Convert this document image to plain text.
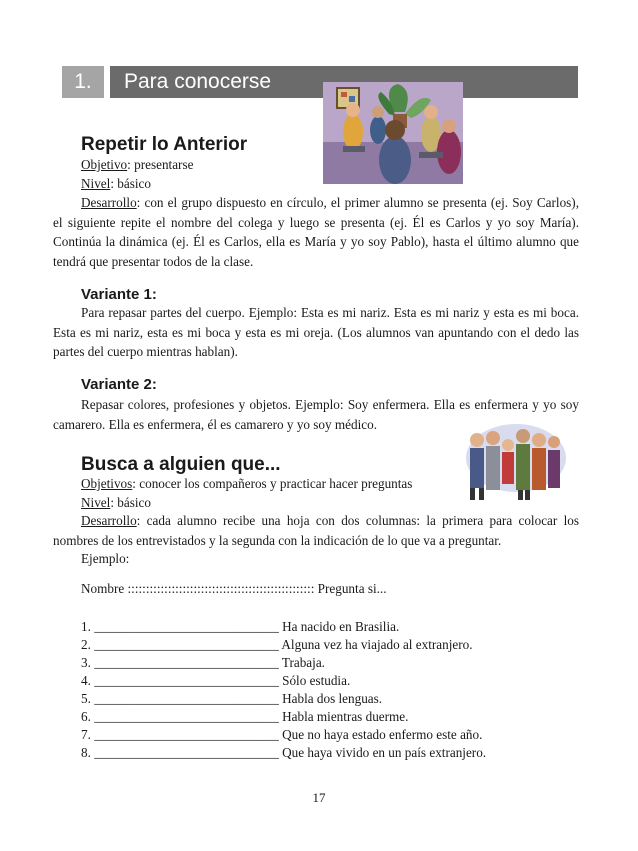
1.	Para conocerse
Repetir lo Anterior
Objetivo: presentarse
Nivel: básico

Desarrollo: con el grupo dispuesto en círculo, el primer alumno se presenta (ej. Soy Carlos), el siguiente repite el nombre del colega y luego se presenta (ej. Él es Carlos y yo soy María). Continúa la dinámica (ej. Él es Carlos, ella es María y yo soy Pablo), hasta el último alumno que tendrá que presentar todos de la clase.

Variante 1:

Para repasar partes del cuerpo. Ejemplo: Esta es mi nariz. Esta es mi nariz y esta es mi boca. Esta es mi nariz, esta es mi boca y esta es mi oreja. (Los alumnos van apuntando con el dedo las partes del cuerpo mientras hablan).

Variante 2:

Repasar colores, profesiones y objetos. Ejemplo: Soy enfermera. Ella es enfermera y yo soy camarero. Ella es enfermera, él es camarero y yo soy médico.

Busca a alguien que...
Objetivos: conocer los compañeros y practicar hacer preguntas
Nivel: básico

Desarrollo: cada alumno recibe una hoja con dos columnas: la primera para colocar los nombres de los entrevistados y la segunda con la indicación de lo que va a preguntar.

Ejemplo:
Nombre ::::::::::::::::::::::::::::::::::::::::::::::::::: Pregunta si...
1. ____________________________ Ha nacido en Brasilia.
2. ____________________________ Alguna vez ha viajado al extranjero.
3. ____________________________ Trabaja.
4. ____________________________ Sólo estudia.
5. ____________________________ Habla dos lenguas.
6. ____________________________ Habla mientras duerme.
7. ____________________________ Que no haya estado enfermo este año.
8. ____________________________ Que haya vivido en un país extranjero.
17
